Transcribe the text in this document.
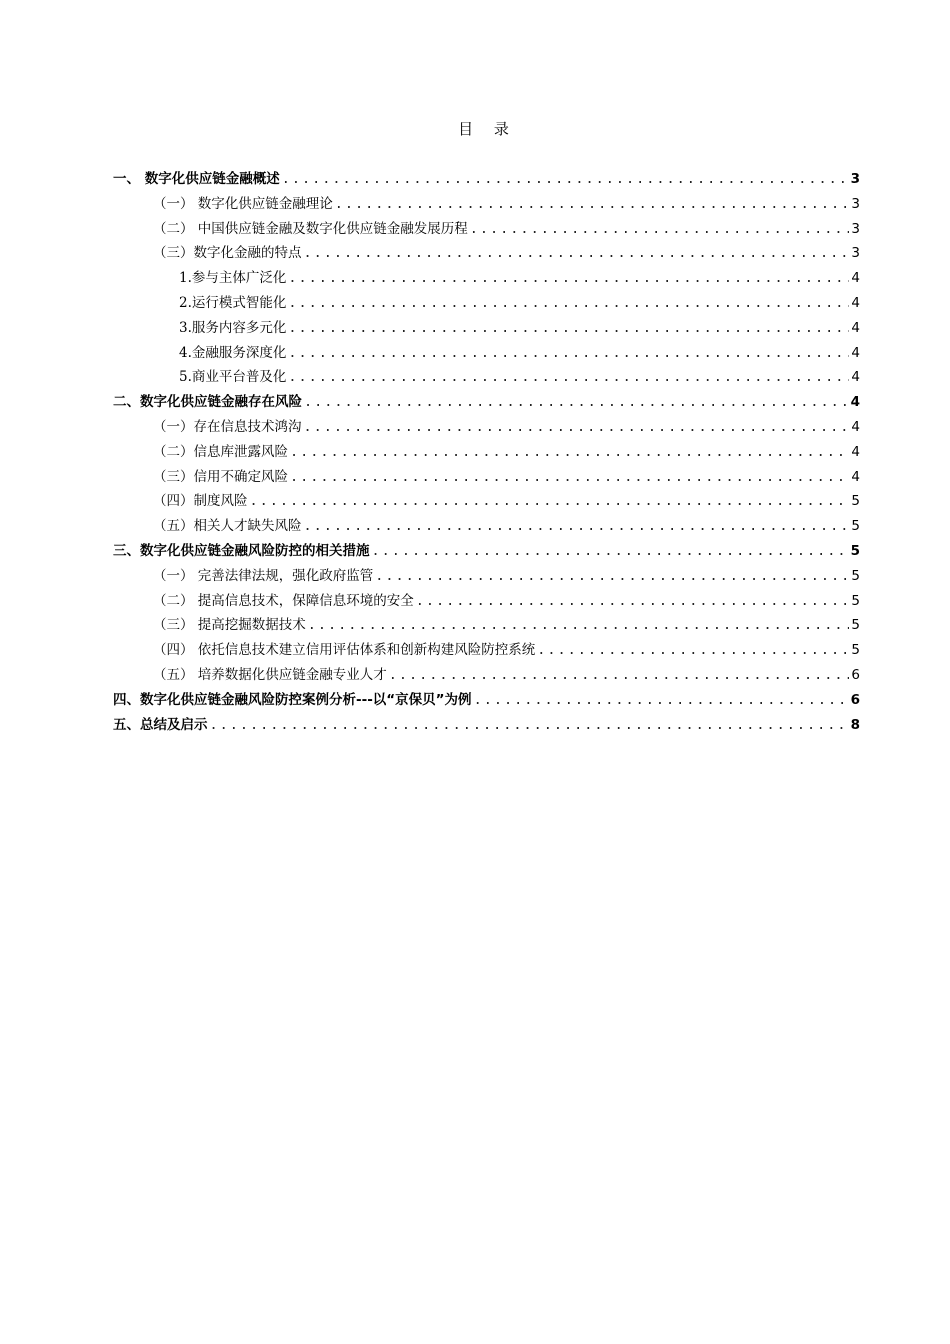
目 录
一、 数字化供应链金融概述 .....	3
（一） 数字化供应链金融理论 .....	3
（二） 中国供应链金融及数字化供应链金融发展历程 .....	3
（三）数字化金融的特点 .....	3
1.参与主体广泛化 .....	4
2.运行模式智能化 .....	4
3.服务内容多元化 .....	4
4.金融服务深度化 .....	4
5.商业平台普及化 .....	4
二、数字化供应链金融存在风险 .....	4
（一）存在信息技术鸿沟 .....	4
（二）信息库泄露风险 .....	4
（三）信用不确定风险 .....	4
（四）制度风险 .....	5
（五）相关人才缺失风险 .....	5
三、数字化供应链金融风险防控的相关措施 .....	5
（一） 完善法律法规，强化政府监管 .....	5
（二） 提高信息技术，保障信息环境的安全 .....	5
（三） 提高挖掘数据技术 .....	5
（四） 依托信息技术建立信用评估体系和创新构建风险防控系统 .....	5
（五） 培养数据化供应链金融专业人才 .....	6
四、数字化供应链金融风险防控案例分析---以“京保贝”为例 .....	6
五、总结及启示 .....	8
